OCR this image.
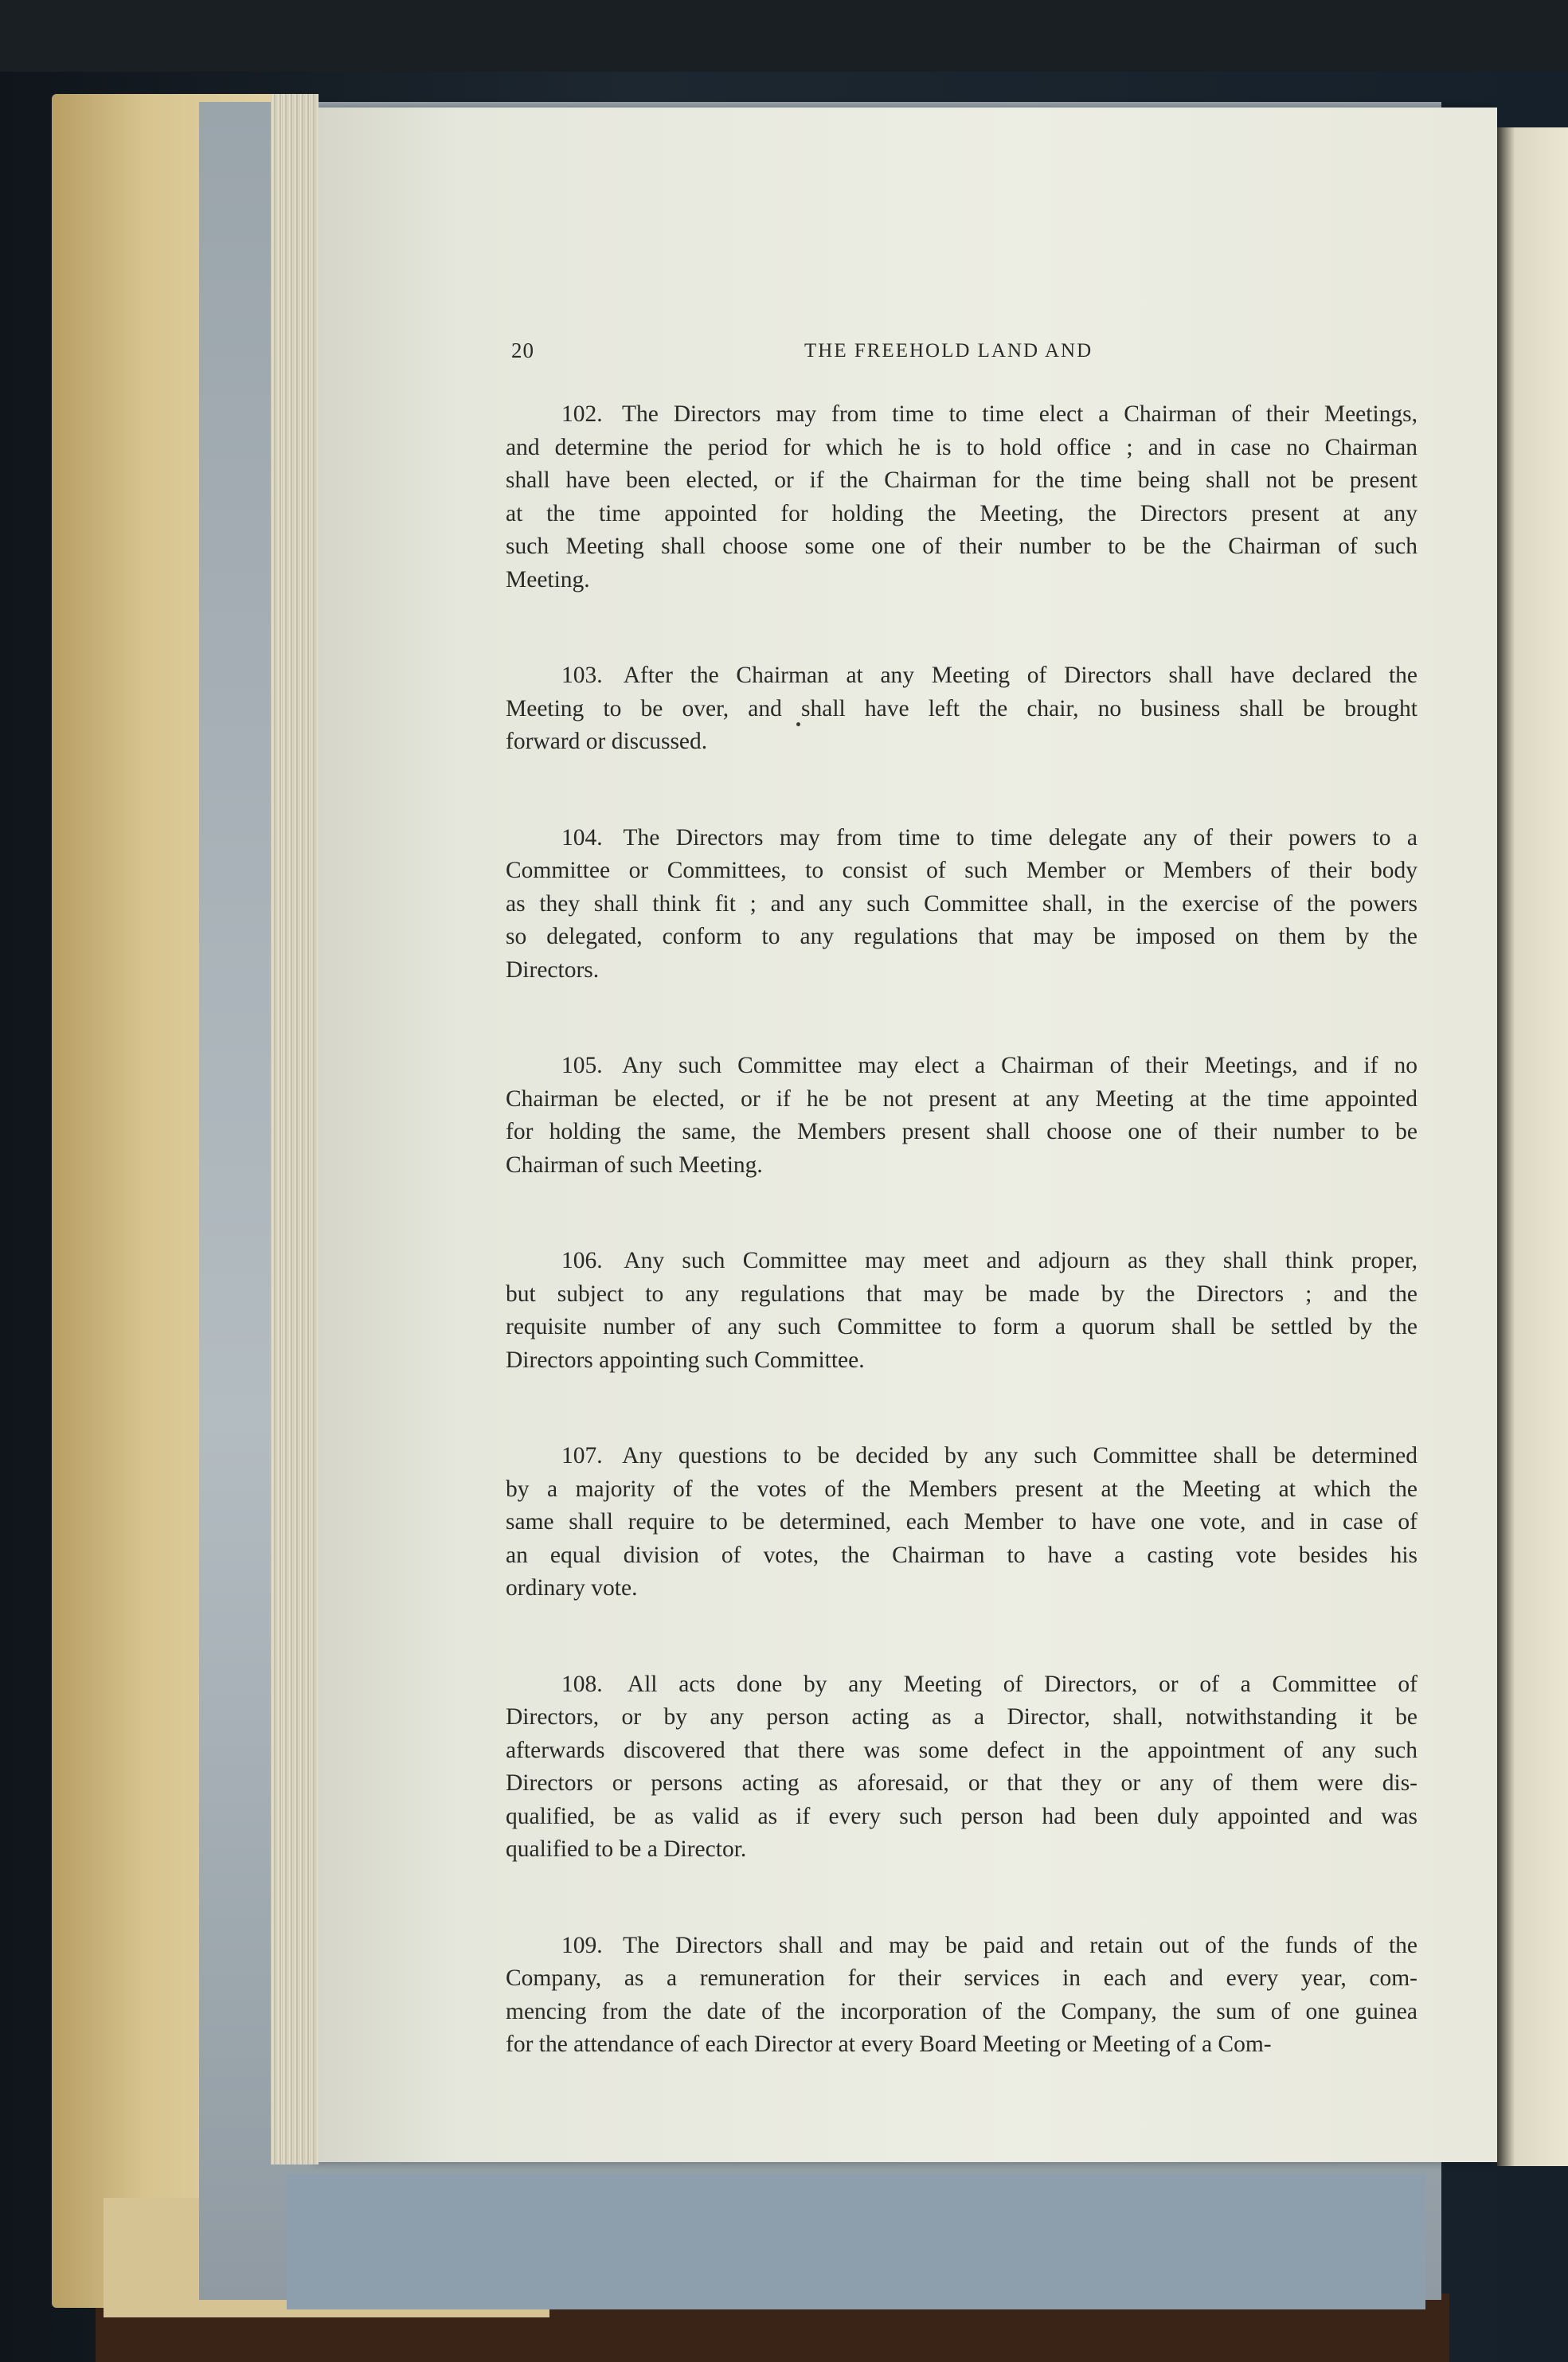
20	THE FREEHOLD LAND AND
102. The Directors may from time to time elect a Chairman of their Meetings,
and determine the period for which he is to hold office ; and in case no Chairman
shall have been elected, or if the Chairman for the time being shall not be present
at the time appointed for holding the Meeting, the Directors present at any
such Meeting shall choose some one of their number to be the Chairman of such
Meeting.
103. After the Chairman at any Meeting of Directors shall have declared the
Meeting to be over, and shall have left the chair, no business shall be brought
forward or discussed.
104. The Directors may from time to time delegate any of their powers to a
Committee or Committees, to consist of such Member or Members of their body
as they shall think fit ; and any such Committee shall, in the exercise of the powers
so delegated, conform to any regulations that may be imposed on them by the
Directors.
105. Any such Committee may elect a Chairman of their Meetings, and if no
Chairman be elected, or if he be not present at any Meeting at the time appointed
for holding the same, the Members present shall choose one of their number to be
Chairman of such Meeting.
106. Any such Committee may meet and adjourn as they shall think proper,
but subject to any regulations that may be made by the Directors ; and the
requisite number of any such Committee to form a quorum shall be settled by the
Directors appointing such Committee.
107. Any questions to be decided by any such Committee shall be determined
by a majority of the votes of the Members present at the Meeting at which the
same shall require to be determined, each Member to have one vote, and in case of
an equal division of votes, the Chairman to have a casting vote besides his
ordinary vote.
108. All acts done by any Meeting of Directors, or of a Committee of
Directors, or by any person acting as a Director, shall, notwithstanding it be
afterwards discovered that there was some defect in the appointment of any such
Directors or persons acting as aforesaid, or that they or any of them were dis-
qualified, be as valid as if every such person had been duly appointed and was
qualified to be a Director.
109. The Directors shall and may be paid and retain out of the funds of the
Company, as a remuneration for their services in each and every year, com-
mencing from the date of the incorporation of the Company, the sum of one guinea
for the attendance of each Director at every Board Meeting or Meeting of a Com-
